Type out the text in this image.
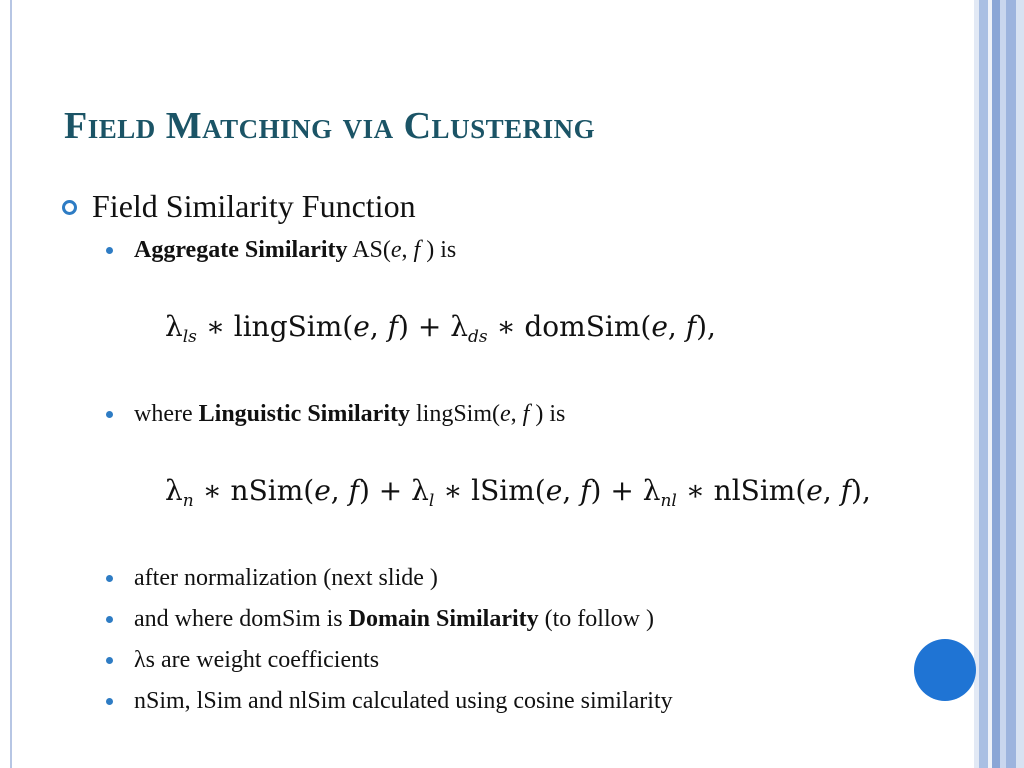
Field Matching via Clustering
Field Similarity Function
Aggregate Similarity AS(e, f ) is
$\lambda_{ls}$ ∗ lingSim(e, $f) + \lambda_{ds}$ ∗ domSim(e, f),
where Linguistic Similarity lingSim(e, f ) is
$\lambda_n$ ∗ nSim(e, $f) + \lambda_l$ ∗ lSim(e, $f) + \lambda_{nl}$ ∗ nlSim(e, f),
after normalization (next slide )
and where domSim is Domain Similarity (to follow )
λs are weight coefficients
nSim, lSim and nlSim calculated using cosine similarity
